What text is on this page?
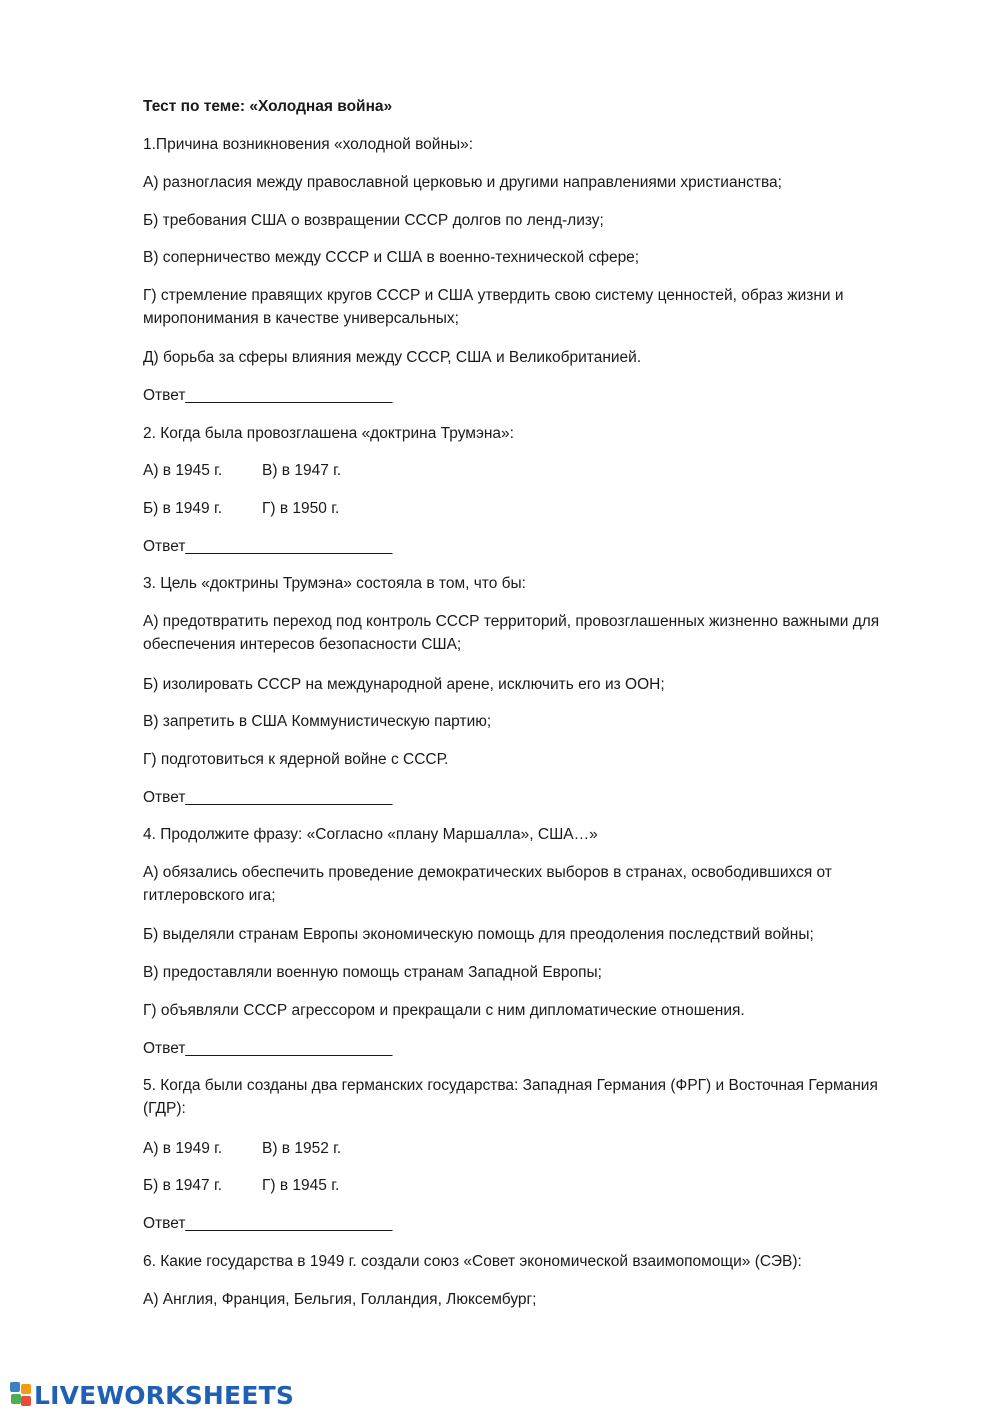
Тест по теме: «Холодная война»
1.Причина возникновения «холодной войны»:
А) разногласия между православной церковью и другими направлениями христианства;
Б) требования США о возвращении СССР долгов по ленд-лизу;
В) соперничество между СССР и США в военно-технической сфере;
Г) стремление правящих кругов СССР и США утвердить свою систему ценностей, образ жизни и миропонимания в качестве универсальных;
Д) борьба за сферы влияния между СССР, США и Великобританией.
Ответ________________________
2. Когда была провозглашена «доктрина Трумэна»:
А) в 1945 г.	В) в 1947 г.
Б) в 1949 г.	Г) в 1950 г.
Ответ________________________
3. Цель «доктрины Трумэна» состояла в том, что бы:
А) предотвратить переход под контроль СССР территорий, провозглашенных жизненно важными для обеспечения интересов безопасности США;
Б) изолировать СССР на международной арене, исключить его из ООН;
В) запретить в США Коммунистическую партию;
Г) подготовиться к ядерной войне с СССР.
Ответ________________________
4. Продолжите фразу: «Согласно «плану Маршалла», США…»
А) обязались обеспечить проведение демократических выборов в странах, освободившихся от гитлеровского ига;
Б) выделяли странам Европы экономическую помощь для преодоления последствий войны;
В) предоставляли военную помощь странам Западной Европы;
Г) объявляли СССР агрессором и прекращали с ним дипломатические отношения.
Ответ________________________
5. Когда были созданы два германских государства: Западная Германия (ФРГ) и Восточная Германия (ГДР):
А) в 1949 г.	В) в 1952 г.
Б) в 1947 г.	Г) в 1945 г.
Ответ________________________
6. Какие государства в 1949 г. создали союз «Совет экономической взаимопомощи» (СЭВ):
А) Англия, Франция, Бельгия, Голландия, Люксембург;
LIVEWORKSHEETS
